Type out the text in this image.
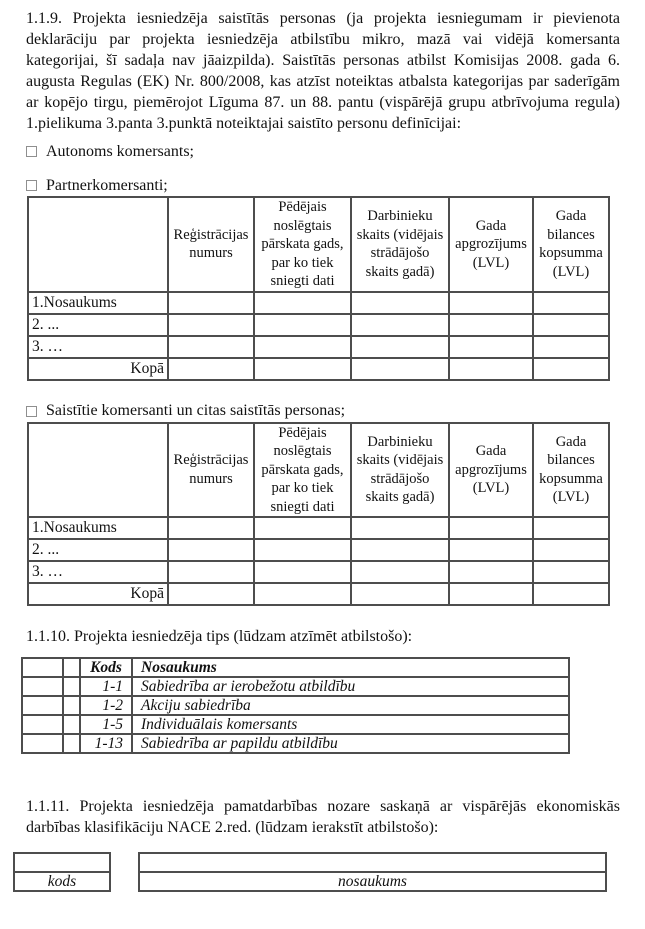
1.1.9. Projekta iesniedzēja saistītās personas (ja projekta iesniegumam ir pievienota deklarāciju par projekta iesniedzēja atbilstību mikro, mazā vai vidējā komersanta kategorijai, šī sadaļa nav jāaizpilda). Saistītās personas atbilst Komisijas 2008. gada 6. augusta Regulas (EK) Nr. 800/2008, kas atzīst noteiktas atbalsta kategorijas par saderīgām ar kopējo tirgu, piemērojot Līguma 87. un 88. pantu (vispārējā grupu atbrīvojuma regula) 1.pielikuma 3.panta 3.punktā noteiktajai saistīto personu definīcijai:

Autonoms komersants;
Partnerkomersanti;
	Reģistrācijas numurs	Pēdējais noslēgtais pārskata gads, par ko tiek sniegti dati	Darbinieku skaits (vidējais strādājošo skaits gadā)	Gada apgrozījums (LVL)	Gada bilances kopsumma (LVL)
1.Nosaukums					
2. ...					
3. …					
Kopā					
Saistītie komersanti un citas saistītās personas;
	Reģistrācijas numurs	Pēdējais noslēgtais pārskata gads, par ko tiek sniegti dati	Darbinieku skaits (vidējais strādājošo skaits gadā)	Gada apgrozījums (LVL)	Gada bilances kopsumma (LVL)
1.Nosaukums					
2. ...					
3. …					
Kopā					

1.1.10. Projekta iesniedzēja tips (lūdzam atzīmēt atbilstošo):

		Kods	Nosaukums
		1-1	Sabiedrība ar ierobežotu atbildību
		1-2	Akciju sabiedrība
		1-5	Individuālais komersants
		1-13	Sabiedrība ar papildu atbildību

1.1.11. Projekta iesniedzēja pamatdarbības nozare saskaņā ar vispārējās ekonomiskās darbības klasifikāciju NACE 2.red. (lūdzam ierakstīt atbilstošo):

kods	nosaukums
